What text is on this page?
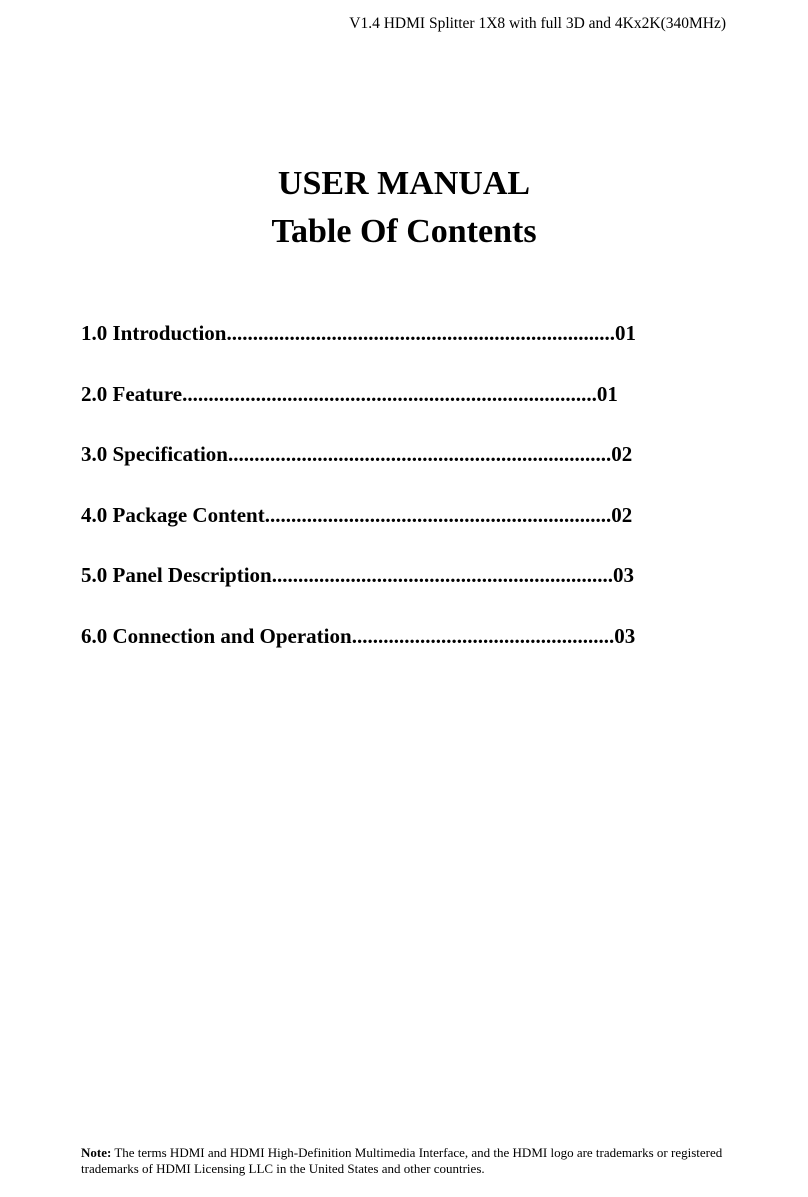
V1.4 HDMI Splitter 1X8 with full 3D and 4Kx2K(340MHz)
USER MANUAL
Table Of Contents
1.0 Introduction..........................................................................01
2.0 Feature...............................................................................01
3.0 Specification.........................................................................02
4.0 Package Content..................................................................02
5.0 Panel Description.................................................................03
6.0 Connection and Operation..................................................03
Note: The terms HDMI and HDMI High-Definition Multimedia Interface, and the HDMI logo are trademarks or registered trademarks of HDMI Licensing LLC in the United States and other countries.
